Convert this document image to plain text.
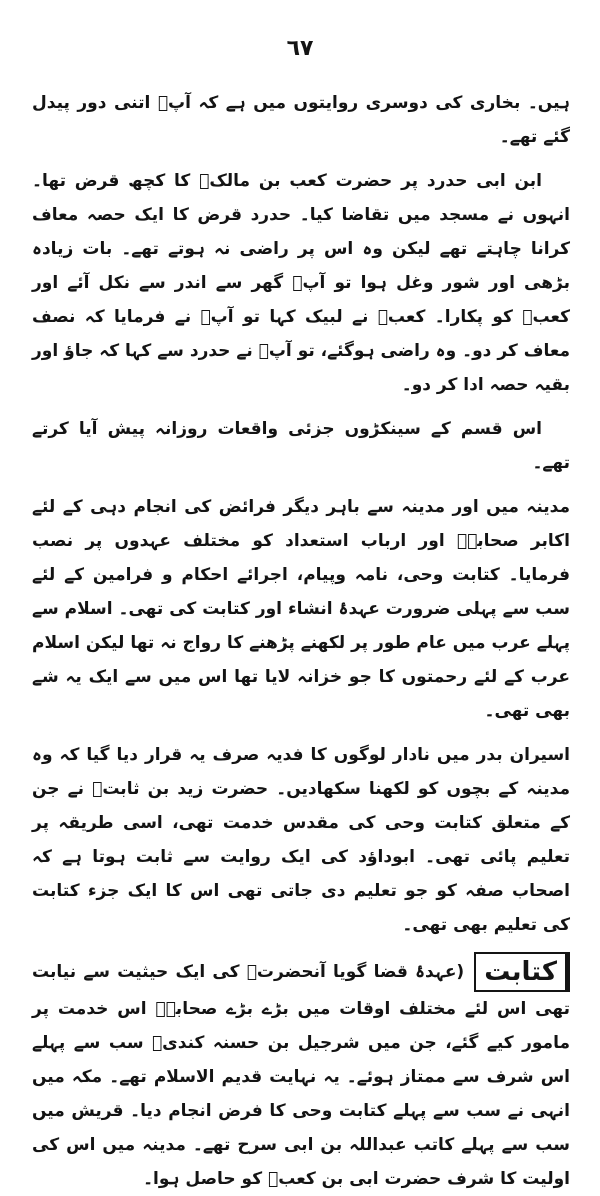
٦٧

ہیں۔ بخاری کی دوسری روایتوں میں ہے کہ آپؐ اتنی دور پیدل گئے تھے۔

ابن ابی حدرد پر حضرت کعب بن مالکؓ کا کچھ قرض تھا۔ انہوں نے مسجد میں تقاضا کیا۔ حدرد قرض کا ایک حصہ معاف کرانا چاہتے تھے لیکن وہ اس پر راضی نہ ہوتے تھے۔ بات زیادہ بڑھی اور شور وغل ہوا تو آپؐ گھر سے اندر سے نکل آئے اور کعبؓ کو پکارا۔ کعبؓ نے لبیک کہا تو آپؐ نے فرمایا کہ نصف معاف کر دو۔ وہ راضی ہوگئے، تو آپؐ نے حدرد سے کہا کہ جاؤ اور بقیہ حصہ ادا کر دو۔

اس قسم کے سینکڑوں جزئی واقعات روزانہ پیش آیا کرتے تھے۔

مدینہ میں اور مدینہ سے باہر دیگر فرائض کی انجام دہی کے لئے اکابر صحابہؓ اور ارباب استعداد کو مختلف عہدوں پر نصب فرمایا۔ کتابت وحی، نامہ وپیام، اجرائے احکام و فرامین کے لئے سب سے پہلی ضرورت عہدۂ انشاء اور کتابت کی تھی۔ اسلام سے پہلے عرب میں عام طور پر لکھنے پڑھنے کا رواج نہ تھا لیکن اسلام عرب کے لئے رحمتوں کا جو خزانہ لایا تھا اس میں سے ایک یہ شے بھی تھی۔

اسیران بدر میں نادار لوگوں کا فدیہ صرف یہ قرار دیا گیا کہ وہ مدینہ کے بچوں کو لکھنا سکھادیں۔ حضرت زید بن ثابتؓ نے جن کے متعلق کتابت وحی کی مقدس خدمت تھی، اسی طریقہ پر تعلیم پائی تھی۔ ابوداؤد کی ایک روایت سے ثابت ہوتا ہے کہ اصحاب صفہ کو جو تعلیم دی جاتی تھی اس کا ایک جزء کتابت کی تعلیم بھی تھی۔

کتابت(عہدۂ قضا گویا آنحضرتؐ کی ایک حیثیت سے نیابت تھی اس لئے مختلف اوقات میں بڑے بڑے صحابہؓ اس خدمت پر مامور کیے گئے، جن میں شرجیل بن حسنہ کندیؓ سب سے پہلے اس شرف سے ممتاز ہوئے۔ یہ نہایت قدیم الاسلام تھے۔ مکہ میں انہی نے سب سے پہلے کتابت وحی کا فرض انجام دیا۔ قریش میں سب سے پہلے کاتب عبداللہ بن ابی سرح تھے۔ مدینہ میں اس کی اولیت کا شرف حضرت ابی بن کعبؓ کو حاصل ہوا۔
